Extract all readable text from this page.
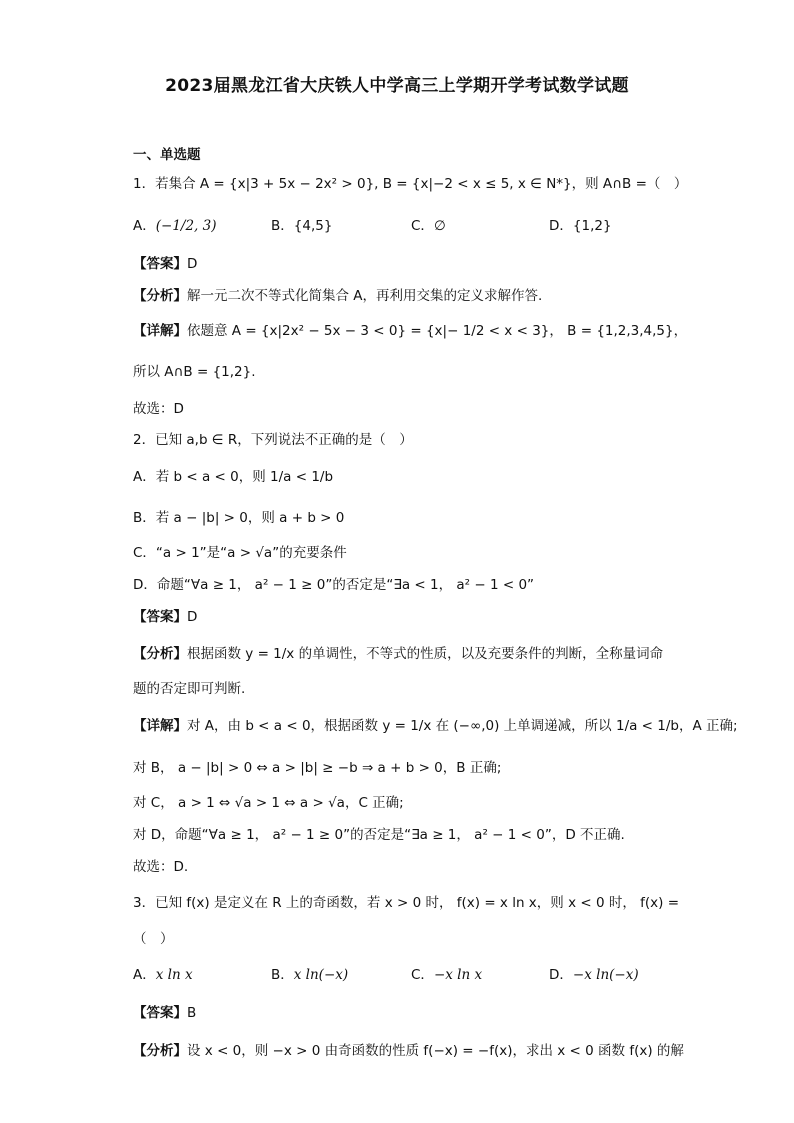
2023届黑龙江省大庆铁人中学高三上学期开学考试数学试题
一、单选题
1．若集合 A = {x|3 + 5x − 2x² > 0}, B = {x|−2 < x ≤ 5, x ∈ N*}，则 A∩B =（　）
A．(−1/2, 3)	B．{4,5}	C．∅	D．{1,2}
【答案】D
【分析】解一元二次不等式化简集合 A，再利用交集的定义求解作答.
【详解】依题意 A = {x|2x² − 5x − 3 < 0} = {x|− 1/2 < x < 3}， B = {1,2,3,4,5}，
所以 A∩B = {1,2}.
故选：D
2．已知 a,b ∈ R，下列说法不正确的是（　）
A．若 b < a < 0，则 1/a < 1/b
B．若 a − |b| > 0，则 a + b > 0
C．“a > 1”是“a > √a”的充要条件
D．命题“∀a ≥ 1， a² − 1 ≥ 0”的否定是“∃a < 1， a² − 1 < 0”
【答案】D
【分析】根据函数 y = 1/x 的单调性，不等式的性质，以及充要条件的判断，全称量词命
题的否定即可判断.
【详解】对 A，由 b < a < 0，根据函数 y = 1/x 在 (−∞,0) 上单调递减，所以 1/a < 1/b，A 正确;
对 B， a − |b| > 0 ⇔ a > |b| ≥ −b ⇒ a + b > 0，B 正确;
对 C， a > 1 ⇔ √a > 1 ⇔ a > √a，C 正确;
对 D，命题“∀a ≥ 1， a² − 1 ≥ 0”的否定是“∃a ≥ 1， a² − 1 < 0”，D 不正确.
故选：D.
3．已知 f(x) 是定义在 R 上的奇函数，若 x > 0 时， f(x) = x ln x，则 x < 0 时， f(x) =
（　）
A．x ln x	B．x ln(−x)	C．−x ln x	D．−x ln(−x)
【答案】B
【分析】设 x < 0，则 −x > 0 由奇函数的性质 f(−x) = −f(x)，求出 x < 0 函数 f(x) 的解
